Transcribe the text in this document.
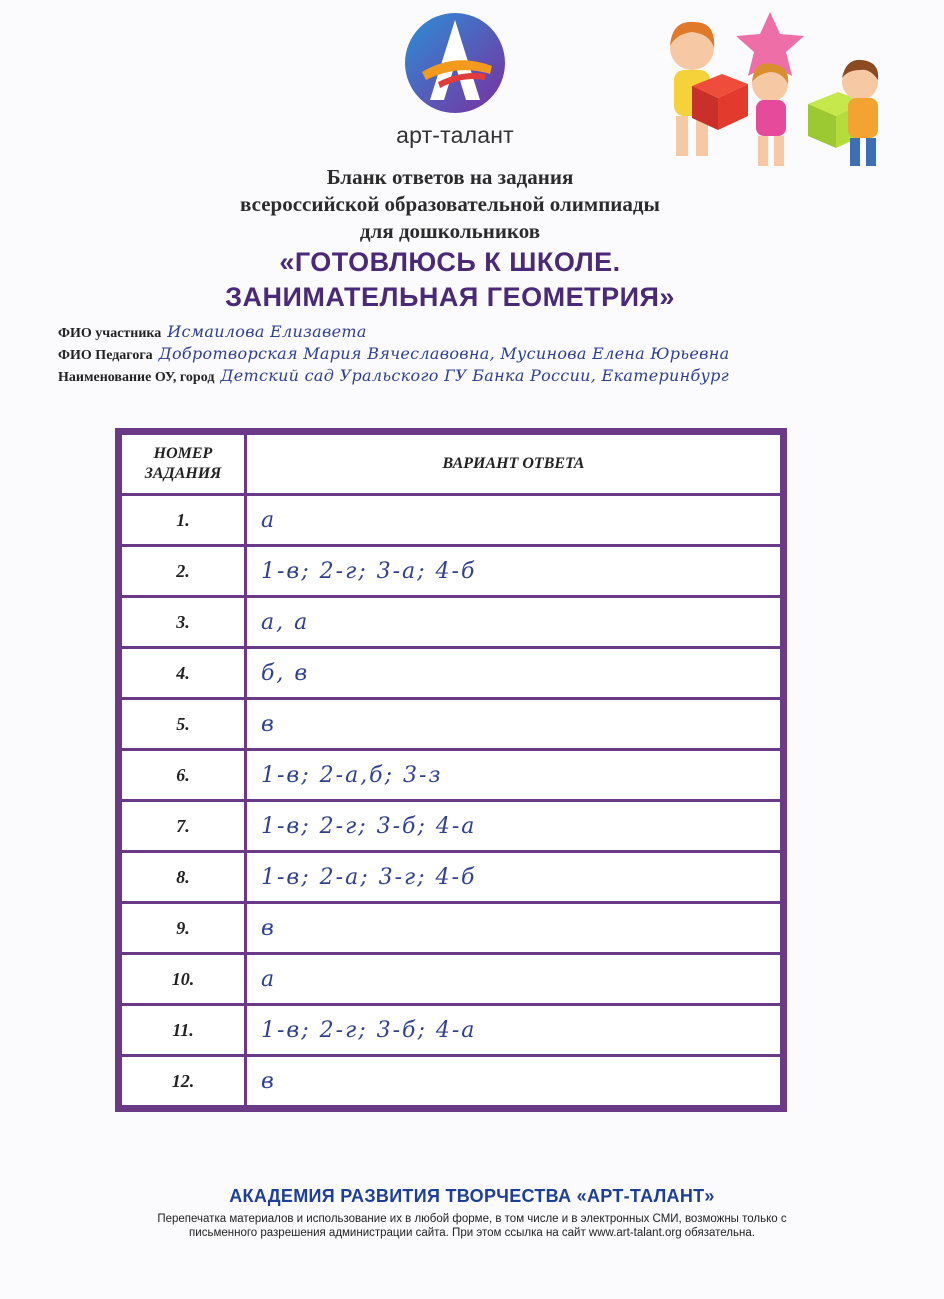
арт-талант
Бланк ответов на задания
всероссийской образовательной олимпиады
для дошкольников
«ГОТОВЛЮСЬ К ШКОЛЕ.
ЗАНИМАТЕЛЬНАЯ ГЕОМЕТРИЯ»
ФИО участника Исмаилова Елизавета
ФИО Педагога Добротворская Мария Вячеславовна, Мусинова Елена Юрьевна
Наименование ОУ, город Детский сад Уральского ГУ Банка России, Екатеринбург
НОМЕР ЗАДАНИЯ	ВАРИАНТ ОТВЕТА
1.	а
2.	1-в; 2-г; 3-а; 4-б
3.	а, а
4.	б, в
5.	в
6.	1-в; 2-а,б; 3-з
7.	1-в; 2-г; 3-б; 4-а
8.	1-в; 2-а; 3-г; 4-б
9.	в
10.	а
11.	1-в; 2-г; 3-б; 4-а
12.	в
АКАДЕМИЯ РАЗВИТИЯ ТВОРЧЕСТВА «АРТ-ТАЛАНТ»
Перепечатка материалов и использование их в любой форме, в том числе и в электронных СМИ, возможны только с
письменного разрешения администрации сайта. При этом ссылка на сайт www.art-talant.org обязательна.
